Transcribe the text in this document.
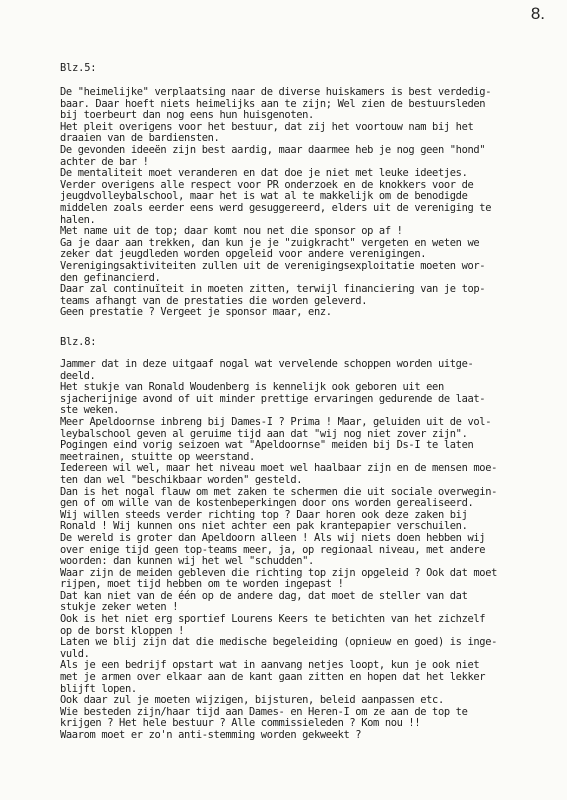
8.
Blz.5:
De "heimelijke" verplaatsing naar de diverse huiskamers is best verdedig-
baar. Daar hoeft niets heimelijks aan te zijn; Wel zien de bestuursleden
bij toerbeurt dan nog eens hun huisgenoten.
Het pleit overigens voor het bestuur, dat zij het voortouw nam bij het
draaien van de bardiensten.
De gevonden ideeën zijn best aardig, maar daarmee heb je nog geen "hond"
achter de bar !
De mentaliteit moet veranderen en dat doe je niet met leuke ideetjes.
Verder overigens alle respect voor PR onderzoek en de knokkers voor de
jeugdvolleybalschool, maar het is wat al te makkelijk om de benodigde
middelen zoals eerder eens werd gesuggereerd, elders uit de vereniging te
halen.
Met name uit de top; daar komt nou net die sponsor op af !
Ga je daar aan trekken, dan kun je je "zuigkracht" vergeten en weten we
zeker dat jeugdleden worden opgeleid voor andere verenigingen.
Verenigingsaktiviteiten zullen uit de verenigingsexploitatie moeten wor-
den gefinancierd.
Daar zal continuïteit in moeten zitten, terwijl financiering van je top-
teams afhangt van de prestaties die worden geleverd.
Geen prestatie ? Vergeet je sponsor maar, enz.
Blz.8:
Jammer dat in deze uitgaaf nogal wat vervelende schoppen worden uitge-
deeld.
Het stukje van Ronald Woudenberg is kennelijk ook geboren uit een
sjacherijnige avond of uit minder prettige ervaringen gedurende de laat-
ste weken.
Meer Apeldoornse inbreng bij Dames-I ? Prima ! Maar, geluiden uit de vol-
leybalschool geven al geruime tijd aan dat "wij nog niet zover zijn".
Pogingen eind vorig seizoen wat "Apeldoornse" meiden bij Ds-I te laten
meetrainen, stuitte op weerstand.
Iedereen wil wel, maar het niveau moet wel haalbaar zijn en de mensen moe-
ten dan wel "beschikbaar worden" gesteld.
Dan is het nogal flauw om met zaken te schermen die uit sociale overwegin-
gen of om wille van de kostenbeperkingen door ons worden gerealiseerd.
Wij willen steeds verder richting top ? Daar horen ook deze zaken bij
Ronald ! Wij kunnen ons niet achter een pak krantepapier verschuilen.
De wereld is groter dan Apeldoorn alleen ! Als wij niets doen hebben wij
over enige tijd geen top-teams meer, ja, op regionaal niveau, met andere
woorden: dan kunnen wij het wel "schudden".
Waar zijn de meiden gebleven die richting top zijn opgeleid ? Ook dat moet
rijpen, moet tijd hebben om te worden ingepast !
Dat kan niet van de één op de andere dag, dat moet de steller van dat
stukje zeker weten !
Ook is het niet erg sportief Lourens Keers te betichten van het zichzelf
op de borst kloppen !
Laten we blij zijn dat die medische begeleiding (opnieuw en goed) is inge-
vuld.
Als je een bedrijf opstart wat in aanvang netjes loopt, kun je ook niet
met je armen over elkaar aan de kant gaan zitten en hopen dat het lekker
blijft lopen.
Ook daar zul je moeten wijzigen, bijsturen, beleid aanpassen etc.
Wie besteden zijn/haar tijd aan Dames- en Heren-I om ze aan de top te
krijgen ? Het hele bestuur ? Alle commissieleden ? Kom nou !!
Waarom moet er zo'n anti-stemming worden gekweekt ?
